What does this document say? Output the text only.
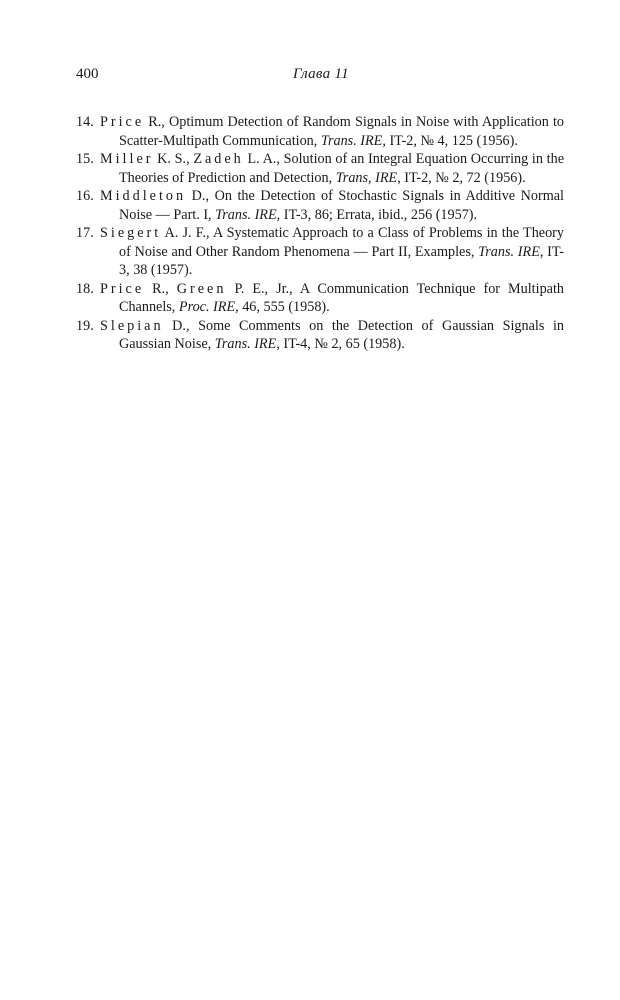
400	Глава 11
14. Price R., Optimum Detection of Random Signals in Noise with Application to Scatter-Multipath Communication, Trans. IRE, IT-2, № 4, 125 (1956).
15. Miller K. S., Zadeh L. A., Solution of an Integral Equation Occurring in the Theories of Prediction and Detection, Trans, IRE, IT-2, № 2, 72 (1956).
16. Middleton D., On the Detection of Stochastic Signals in Additive Normal Noise — Part. I, Trans. IRE, IT-3, 86; Errata, ibid., 256 (1957).
17. Siegert A. J. F., A Systematic Approach to a Class of Problems in the Theory of Noise and Other Random Phenomena — Part II, Examples, Trans. IRE, IT-3, 38 (1957).
18. Price R., Green P. E., Jr., A Communication Technique for Multipath Channels, Proc. IRE, 46, 555 (1958).
19. Slepian D., Some Comments on the Detection of Gaussian Signals in Gaussian Noise, Trans. IRE, IT-4, № 2, 65 (1958).
